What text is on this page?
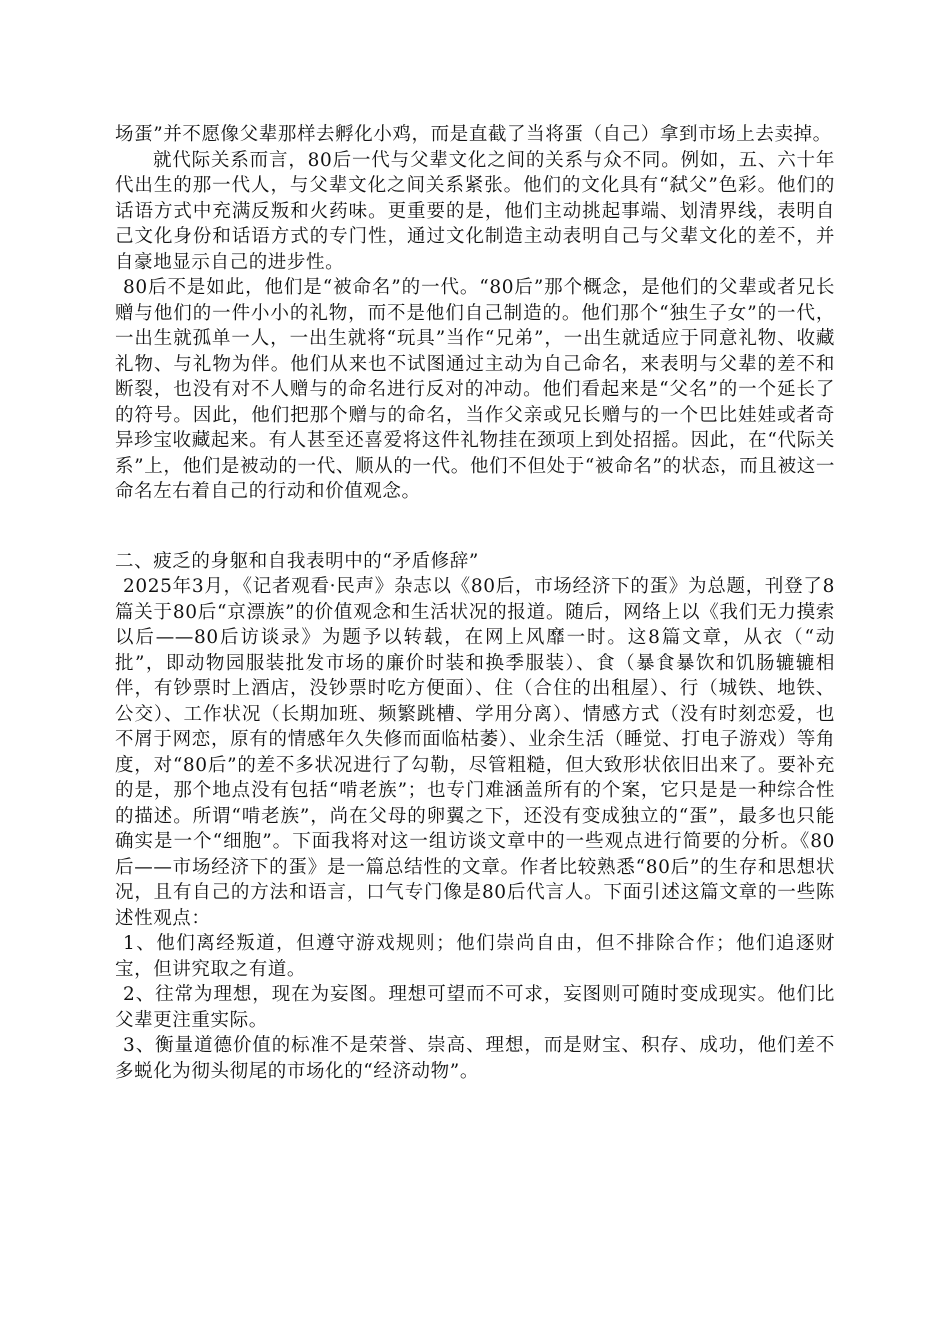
场蛋”并不愿像父辈那样去孵化小鸡，而是直截了当将蛋（自己）拿到市场上去卖掉。

就代际关系而言，80后一代与父辈文化之间的关系与众不同。例如，五、六十年代出生的那一代人，与父辈文化之间关系紧张。他们的文化具有“弑父”色彩。他们的话语方式中充满反叛和火药味。更重要的是，他们主动挑起事端、划清界线，表明自己文化身份和话语方式的专门性，通过文化制造主动表明自己与父辈文化的差不，并自豪地显示自己的进步性。

80后不是如此，他们是“被命名”的一代。“80后”那个概念，是他们的父辈或者兄长赠与他们的一件小小的礼物，而不是他们自己制造的。他们那个“独生子女”的一代，一出生就孤单一人，一出生就将“玩具”当作“兄弟”，一出生就适应于同意礼物、收藏礼物、与礼物为伴。他们从来也不试图通过主动为自己命名，来表明与父辈的差不和断裂，也没有对不人赠与的命名进行反对的冲动。他们看起来是“父名”的一个延长了的符号。因此，他们把那个赠与的命名，当作父亲或兄长赠与的一个巴比娃娃或者奇异珍宝收藏起来。有人甚至还喜爱将这件礼物挂在颈项上到处招摇。因此，在“代际关系”上，他们是被动的一代、顺从的一代。他们不但处于“被命名”的状态，而且被这一命名左右着自己的行动和价值观念。

二、疲乏的身躯和自我表明中的“矛盾修辞”

2025年3月，《记者观看·民声》杂志以《80后，市场经济下的蛋》为总题，刊登了8篇关于80后“京漂族”的价值观念和生活状况的报道。随后，网络上以《我们无力摸索以后——80后访谈录》为题予以转载，在网上风靡一时。这8篇文章，从衣（“动批”，即动物园服装批发市场的廉价时装和换季服装）、食（暴食暴饮和饥肠辘辘相伴，有钞票时上酒店，没钞票时吃方便面）、住（合住的出租屋）、行（城铁、地铁、公交）、工作状况（长期加班、频繁跳槽、学用分离）、情感方式（没有时刻恋爱，也不屑于网恋，原有的情感年久失修而面临枯萎）、业余生活（睡觉、打电子游戏）等角度，对“80后”的差不多状况进行了勾勒，尽管粗糙，但大致形状依旧出来了。要补充的是，那个地点没有包括“啃老族”；也专门难涵盖所有的个案，它只是是一种综合性的描述。所谓“啃老族”，尚在父母的卵翼之下，还没有变成独立的“蛋”，最多也只能确实是一个“细胞”。下面我将对这一组访谈文章中的一些观点进行简要的分析。《80后——市场经济下的蛋》是一篇总结性的文章。作者比较熟悉“80后”的生存和思想状况，且有自己的方法和语言，口气专门像是80后代言人。下面引述这篇文章的一些陈述性观点：

1、他们离经叛道，但遵守游戏规则；他们崇尚自由，但不排除合作；他们追逐财宝，但讲究取之有道。

2、往常为理想，现在为妄图。理想可望而不可求，妄图则可随时变成现实。他们比父辈更注重实际。

3、衡量道德价值的标准不是荣誉、崇高、理想，而是财宝、积存、成功，他们差不多蜕化为彻头彻尾的市场化的“经济动物”。
